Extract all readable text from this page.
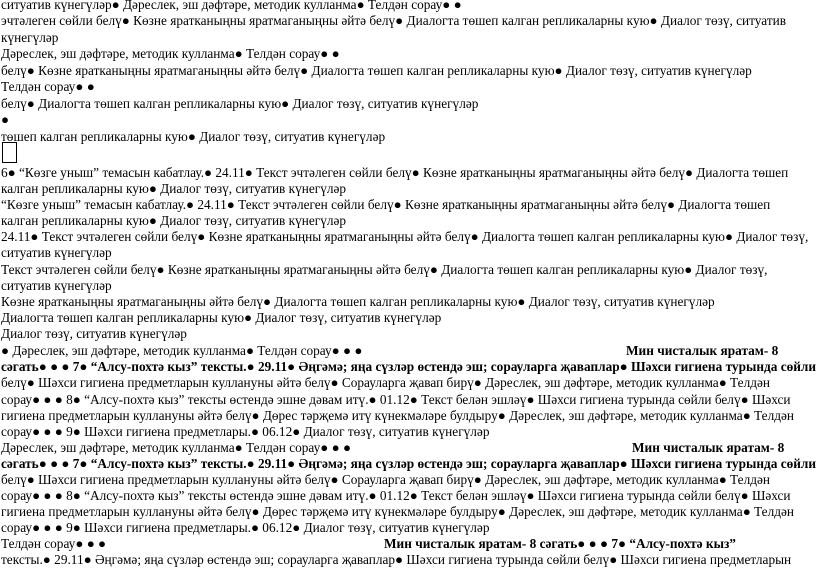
ситуатив күнегүләр● Дәреслек, эш дәфтәре, методик кулланма● Телдән сорау● ●
эчтәлеген сөйли белү● Көзне яратканыңны яратмаганыңны әйтә белү● Диалогта төшеп калган репликаларны кую● Диалог төзү, ситуатив
күнегүләр
Дәреслек, эш дәфтәре, методик кулланма● Телдән сорау● ●
белү● Көзне яратканыңны яратмаганыңны әйтә белү● Диалогта төшеп калган репликаларны кую● Диалог төзү, ситуатив күнегүләр
Телдән сорау● ●
белү● Диалогта төшеп калган репликаларны кую● Диалог төзү, ситуатив күнегүләр
●
төшеп калган репликаларны кую● Диалог төзү, ситуатив күнегүләр
6● “Көзге уныш” темасын кабатлау.● 24.11● Текст эчтәлеген сөйли белү● Көзне яратканыңны яратмаганыңны әйтә белү● Диалогта төшеп
калган репликаларны кую● Диалог төзү, ситуатив күнегүләр
“Көзге уныш” темасын кабатлау.● 24.11● Текст эчтәлеген сөйли белү● Көзне яратканыңны яратмаганыңны әйтә белү● Диалогта төшеп
калган репликаларны кую● Диалог төзү, ситуатив күнегүләр
24.11● Текст эчтәлеген сөйли белү● Көзне яратканыңны яратмаганыңны әйтә белү● Диалогта төшеп калган репликаларны кую● Диалог төзү,
ситуатив күнегүләр
Текст эчтәлеген сөйли белү● Көзне яратканыңны яратмаганыңны әйтә белү● Диалогта төшеп калган репликаларны кую● Диалог төзү,
ситуатив күнегүләр
Көзне яратканыңны яратмаганыңны әйтә белү● Диалогта төшеп калган репликаларны кую● Диалог төзү, ситуатив күнегүләр
Диалогта төшеп калган репликаларны кую● Диалог төзү, ситуатив күнегүләр
Диалог төзү, ситуатив күнегүләр
● Дәреслек, эш дәфтәре, методик кулланма● Телдән сорау● ● ●	Мин чисталык яратам- 8
сәгать● ● ● 7● “Алсу-похтә кыз” тексты.● 29.11● Әңгәмә; яңа сүзләр өстендә эш; сорауларга җаваплар● Шәхси гигиена турында сөйли
белү● Шәхси гигиена предметларын куллануны әйтә белү● Сорауларга җавап бирү● Дәреслек, эш дәфтәре, методик кулланма● Телдән
сорау● ● ● 8● “Алсу-похтә кыз” тексты өстендә эшне дәвам итү.● 01.12● Текст белән эшләү● Шәхси гигиена турында сөйли белү● Шәхси
гигиена предметларын куллануны әйтә белү● Дөрес тәрҗемә итү күнекмәләре булдыру● Дәреслек, эш дәфтәре, методик кулланма● Телдән
сорау● ● ● 9● Шәхси гигиена предметлары.● 06.12● Диалог төзү, ситуатив күнегүләр
Дәреслек, эш дәфтәре, методик кулланма● Телдән сорау● ● ●	Мин чисталык яратам- 8
сәгать● ● ● 7● “Алсу-похтә кыз” тексты.● 29.11● Әңгәмә; яңа сүзләр өстендә эш; сорауларга җаваплар● Шәхси гигиена турында сөйли
белү● Шәхси гигиена предметларын куллануны әйтә белү● Сорауларга җавап бирү● Дәреслек, эш дәфтәре, методик кулланма● Телдән
сорау● ● ● 8● “Алсу-похтә кыз” тексты өстендә эшне дәвам итү.● 01.12● Текст белән эшләү● Шәхси гигиена турында сөйли белү● Шәхси
гигиена предметларын куллануны әйтә белү● Дөрес тәрҗемә итү күнекмәләре булдыру● Дәреслек, эш дәфтәре, методик кулланма● Телдән
сорау● ● ● 9● Шәхси гигиена предметлары.● 06.12● Диалог төзү, ситуатив күнегүләр
Телдән сорау● ● ●	Мин чисталык яратам- 8 сәгать● ● ● 7● “Алсу-похтә кыз”
тексты.● 29.11● Әңгәмә; яңа сүзләр өстендә эш; сорауларга җаваплар● Шәхси гигиена турында сөйли белү● Шәхси гигиена предметларын
